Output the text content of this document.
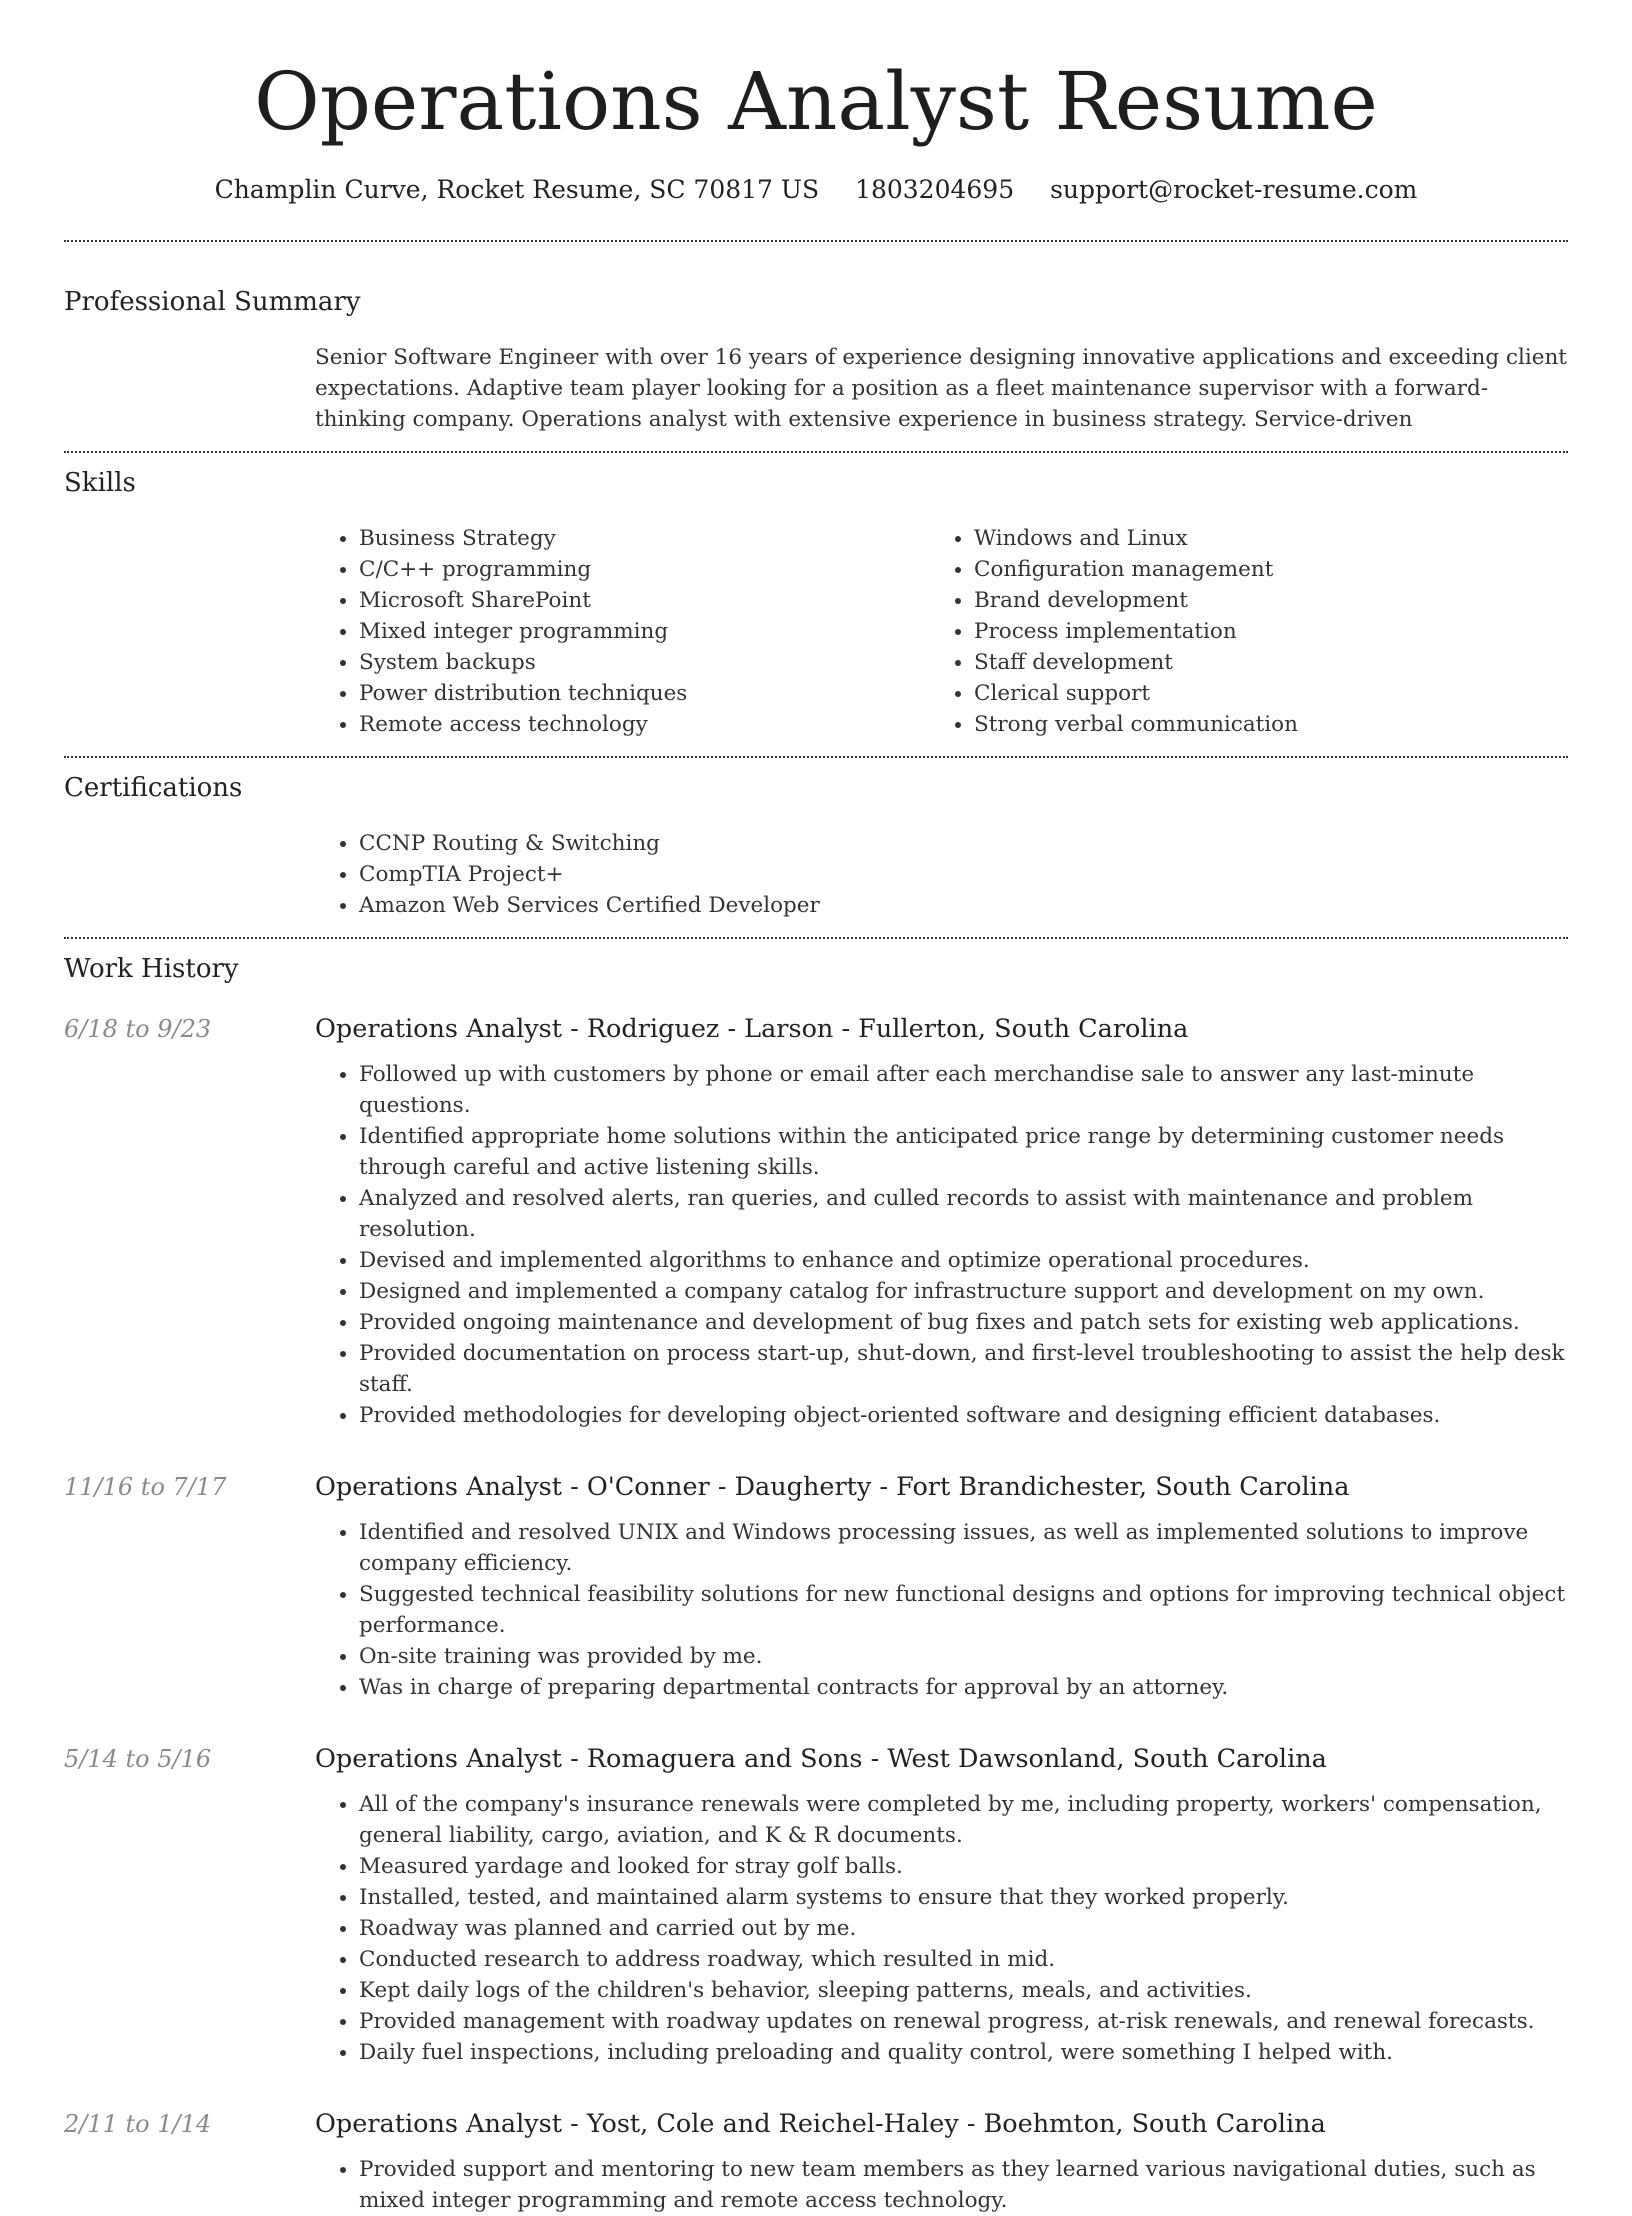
Operations Analyst Resume
Champlin Curve, Rocket Resume, SC 70817 US 1803204695 support@rocket-resume.com
Professional Summary
Senior Software Engineer with over 16 years of experience designing innovative applications and exceeding client expectations. Adaptive team player looking for a position as a fleet maintenance supervisor with a forward-thinking company. Operations analyst with extensive experience in business strategy. Service-driven
Skills
• Business Strategy
• C/C++ programming
• Microsoft SharePoint
• Mixed integer programming
• System backups
• Power distribution techniques
• Remote access technology
• Windows and Linux
• Configuration management
• Brand development
• Process implementation
• Staff development
• Clerical support
• Strong verbal communication
Certifications
• CCNP Routing & Switching
• CompTIA Project+
• Amazon Web Services Certified Developer
Work History
6/18 to 9/23	Operations Analyst - Rodriguez - Larson - Fullerton, South Carolina
• Followed up with customers by phone or email after each merchandise sale to answer any last-minute questions.
• Identified appropriate home solutions within the anticipated price range by determining customer needs through careful and active listening skills.
• Analyzed and resolved alerts, ran queries, and culled records to assist with maintenance and problem resolution.
• Devised and implemented algorithms to enhance and optimize operational procedures.
• Designed and implemented a company catalog for infrastructure support and development on my own.
• Provided ongoing maintenance and development of bug fixes and patch sets for existing web applications.
• Provided documentation on process start-up, shut-down, and first-level troubleshooting to assist the help desk staff.
• Provided methodologies for developing object-oriented software and designing efficient databases.
11/16 to 7/17	Operations Analyst - O'Conner - Daugherty - Fort Brandichester, South Carolina
• Identified and resolved UNIX and Windows processing issues, as well as implemented solutions to improve company efficiency.
• Suggested technical feasibility solutions for new functional designs and options for improving technical object performance.
• On-site training was provided by me.
• Was in charge of preparing departmental contracts for approval by an attorney.
5/14 to 5/16	Operations Analyst - Romaguera and Sons - West Dawsonland, South Carolina
• All of the company's insurance renewals were completed by me, including property, workers' compensation, general liability, cargo, aviation, and K & R documents.
• Measured yardage and looked for stray golf balls.
• Installed, tested, and maintained alarm systems to ensure that they worked properly.
• Roadway was planned and carried out by me.
• Conducted research to address roadway, which resulted in mid.
• Kept daily logs of the children's behavior, sleeping patterns, meals, and activities.
• Provided management with roadway updates on renewal progress, at-risk renewals, and renewal forecasts.
• Daily fuel inspections, including preloading and quality control, were something I helped with.
2/11 to 1/14	Operations Analyst - Yost, Cole and Reichel-Haley - Boehmton, South Carolina
• Provided support and mentoring to new team members as they learned various navigational duties, such as mixed integer programming and remote access technology.
